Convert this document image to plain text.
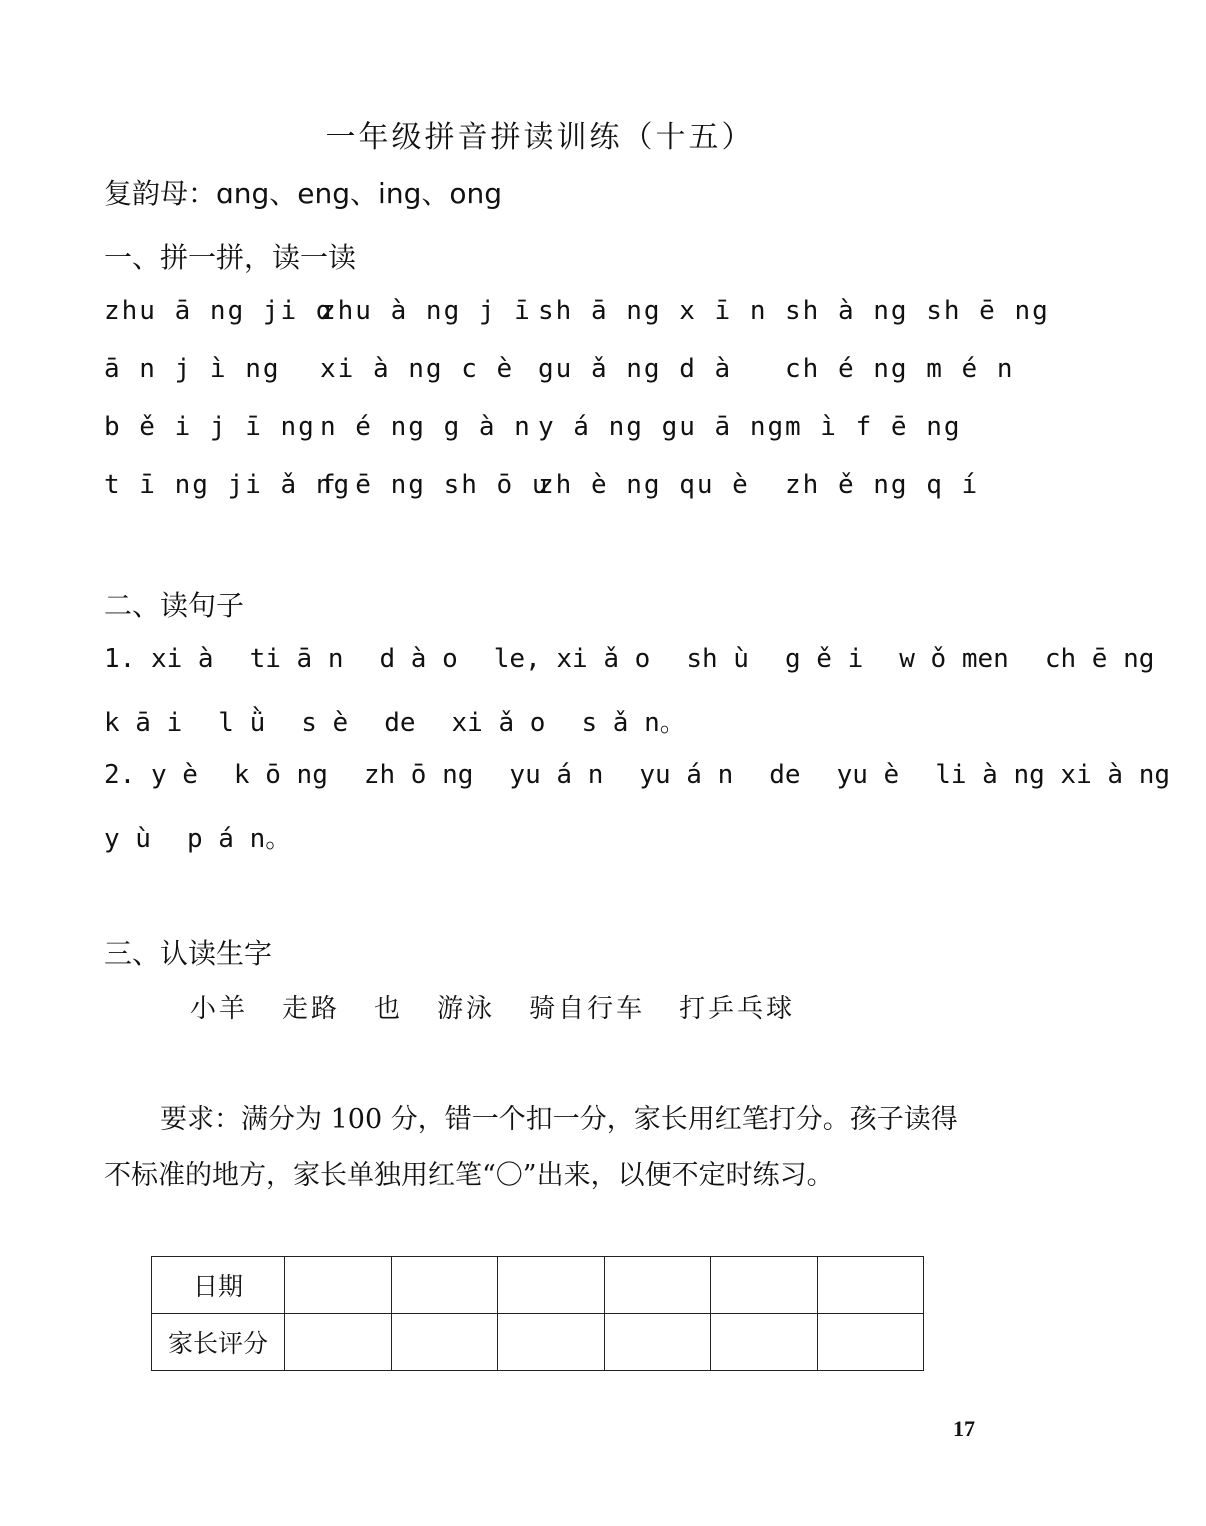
一年级拼音拼读训练（十五）
复韵母：ɑng、eng、ing、ong
一、拼一拼，读一读
zhu ā ng ji ɑ
zhu à ng j ī sh ā ng x ī n sh à ng sh ē ng
ā n j ì ng xi à ng c è gu ǎ ng d à ch é ng m é n
b ě i j ī ng n é ng g à n y á ng gu ā ng m ì f ē ng
t ī ng ji ǎ ng
f ē ng sh ō u
zh è ng qu è zh ě ng q í
二、读句子
1. xi à ti ā n d à o le, xi ǎ o sh ù g ě i w ǒ men ch ē ng
k ā i l ǜ s è de xi ǎ o s ǎ n。
2. y è k ō ng zh ō ng yu á n yu á n de yu è li à ng xi à ng
y ù p á n。
三、认读生字
小羊 走路 也 游泳 骑自行车 打乒乓球
要求：满分为 100 分，错一个扣一分，家长用红笔打分。孩子读得不标准的地方，家长单独用红笔“〇”出来，以便不定时练习。
日期						
家长评分						
17
